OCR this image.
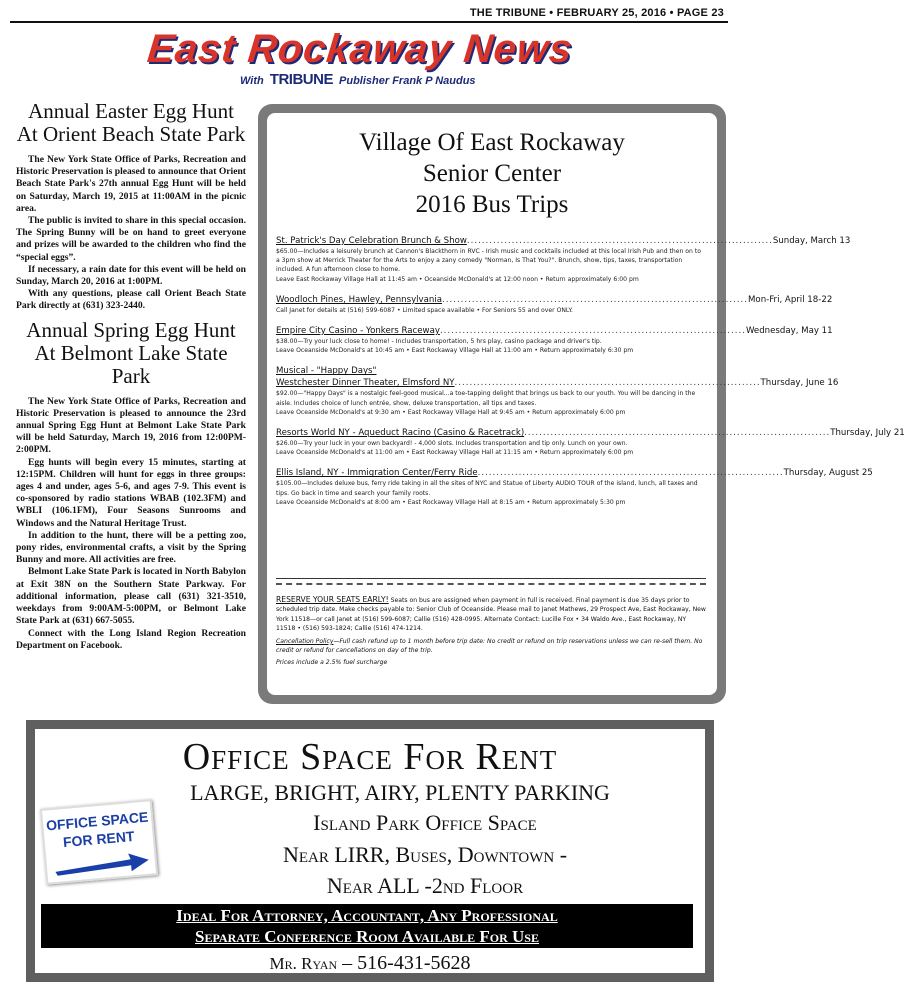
THE TRIBUNE • FEBRUARY 25, 2016 • PAGE 23
East Rockaway News
With TRIBUNE Publisher Frank P Naudus
Annual Easter Egg Hunt At Orient Beach State Park

The New York State Office of Parks, Recreation and Historic Preservation is pleased to announce that Orient Beach State Park's 27th annual Egg Hunt will be held on Saturday, March 19, 2015 at 11:00AM in the picnic area.

The public is invited to share in this special occasion. The Spring Bunny will be on hand to greet everyone and prizes will be awarded to the children who find the “special eggs”.

If necessary, a rain date for this event will be held on Sunday, March 20, 2016 at 1:00PM.

With any questions, please call Orient Beach State Park directly at (631) 323-2440.

Annual Spring Egg Hunt At Belmont Lake State Park

The New York State Office of Parks, Recreation and Historic Preservation is pleased to announce the 23rd annual Spring Egg Hunt at Belmont Lake State Park will be held Saturday, March 19, 2016 from 12:00PM-2:00PM.

Egg hunts will begin every 15 minutes, starting at 12:15PM. Children will hunt for eggs in three groups: ages 4 and under, ages 5-6, and ages 7-9. This event is co-sponsored by radio stations WBAB (102.3FM) and WBLI (106.1FM), Four Seasons Sunrooms and Windows and the Natural Heritage Trust.

In addition to the hunt, there will be a petting zoo, pony rides, environmental crafts, a visit by the Spring Bunny and more. All activities are free.

Belmont Lake State Park is located in North Babylon at Exit 38N on the Southern State Parkway. For additional information, please call (631) 321-3510, weekdays from 9:00AM-5:00PM, or Belmont Lake State Park at (631) 667-5055.

Connect with the Long Island Region Recreation Department on Facebook.

Village Of East Rockaway
Senior Center
2016 Bus Trips
St. Patrick's Day Celebration Brunch & Show .................................................................................. Sunday, March 13
$65.00—Includes a leisurely brunch at Cannon's Blackthorn in RVC - Irish music and cocktails included at this local Irish Pub and then on to a 3pm show at Merrick Theater for the Arts to enjoy a zany comedy "Norman, Is That You?". Brunch, show, tips, taxes, transportation included. A fun afternoon close to home.
Leave East Rockaway Village Hall at 11:45 am • Oceanside McDonald's at 12:00 noon • Return approximately 6:00 pm
Woodloch Pines, Hawley, Pennsylvania .................................................................................. Mon-Fri, April 18-22
Call Janet for details at (516) 599-6087 • Limited space available • For Seniors 55 and over ONLY.
Empire City Casino - Yonkers Raceway .................................................................................. Wednesday, May 11
$38.00—Try your luck close to home! - Includes transportation, 5 hrs play, casino package and driver's tip.
Leave Oceanside McDonald's at 10:45 am • East Rockaway Village Hall at 11:00 am • Return approximately 6:30 pm
Musical - "Happy Days"
Westchester Dinner Theater, Elmsford NY .................................................................................. Thursday, June 16
$92.00—"Happy Days" is a nostalgic feel-good musical...a toe-tapping delight that brings us back to our youth. You will be dancing in the aisle. Includes choice of lunch entrée, show, deluxe transportation, all tips and taxes.
Leave Oceanside McDonald's at 9:30 am • East Rockaway Village Hall at 9:45 am • Return approximately 6:00 pm
Resorts World NY - Aqueduct Racino (Casino & Racetrack) .................................................................................. Thursday, July 21
$26.00—Try your luck in your own backyard! - 4,000 slots. Includes transportation and tip only. Lunch on your own.
Leave Oceanside McDonald's at 11:00 am • East Rockaway Village Hall at 11:15 am • Return approximately 6:00 pm
Ellis Island, NY - Immigration Center/Ferry Ride .................................................................................. Thursday, August 25
$105.00—Includes deluxe bus, ferry ride taking in all the sites of NYC and Statue of Liberty AUDIO TOUR of the island, lunch, all taxes and tips. Go back in time and search your family roots.
Leave Oceanside McDonald's at 8:00 am • East Rockaway Village Hall at 8:15 am • Return approximately 5:30 pm
RESERVE YOUR SEATS EARLY! Seats on bus are assigned when payment in full is received. Final payment is due 35 days prior to scheduled trip date. Make checks payable to: Senior Club of Oceanside. Please mail to Janet Mathews, 29 Prospect Ave, East Rockaway, New York 11518—or call Janet at (516) 599-6087; Callie (516) 428-0995. Alternate Contact: Lucille Fox • 34 Waldo Ave., East Rockaway, NY 11518 • (516) 593-1824; Callie (516) 474-1214.
Cancellation Policy—Full cash refund up to 1 month before trip date: No credit or refund on trip reservations unless we can re-sell them. No credit or refund for cancellations on day of the trip.
Prices include a 2.5% fuel surcharge
Office Space For Rent
LARGE, BRIGHT, AIRY, PLENTY PARKING
Island Park Office Space
Near LIRR, Buses, Downtown -
Near ALL -2nd Floor
OFFICE SPACE
FOR RENT
Ideal For Attorney, Accountant, Any Professional
Separate Conference Room Available For Use
Mr. Ryan – 516-431-5628
